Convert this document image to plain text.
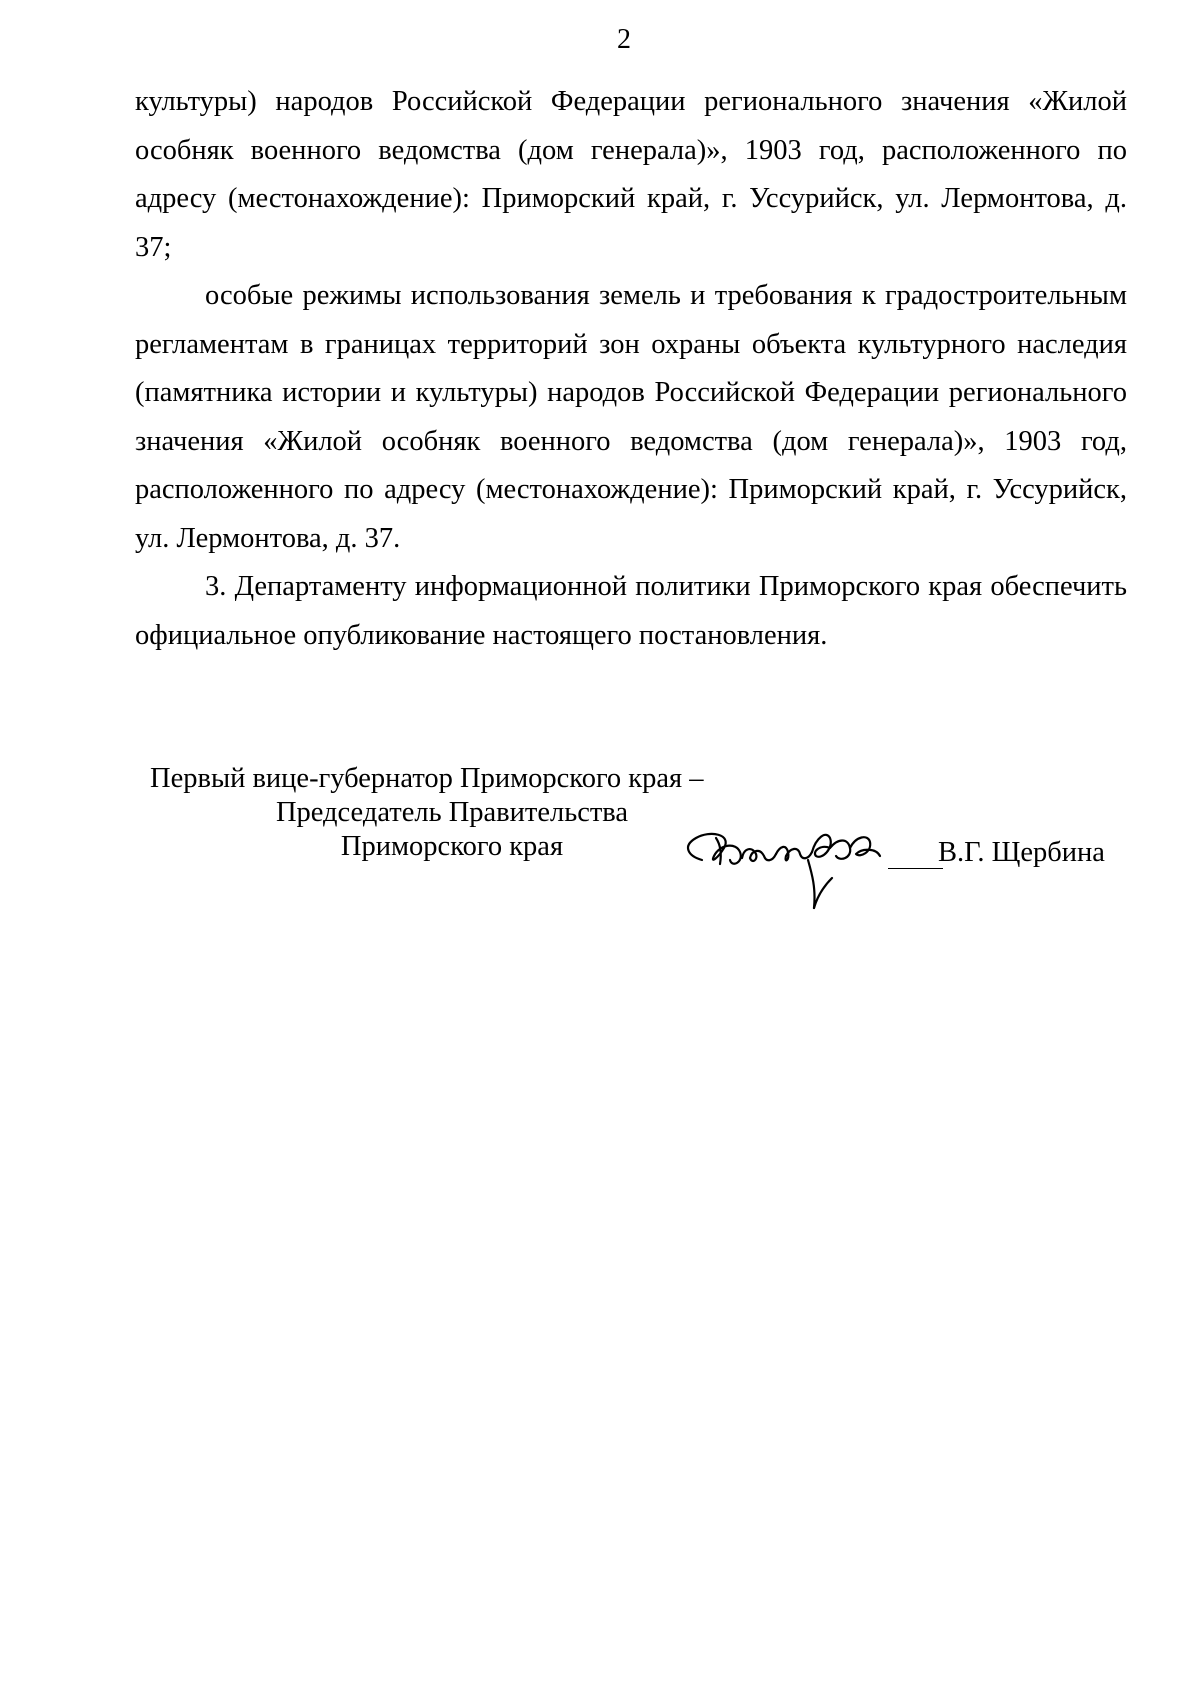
2

культуры) народов Российской Федерации регионального значения «Жилой особняк военного ведомства (дом генерала)», 1903 год, расположенного по адресу (местонахождение): Приморский край, г. Уссурийск, ул. Лермонтова, д. 37;

особые режимы использования земель и требования к градостроительным регламентам в границах территорий зон охраны объекта культурного наследия (памятника истории и культуры) народов Российской Федерации регионального значения «Жилой особняк военного ведомства (дом генерала)», 1903 год, расположенного по адресу (местонахождение): Приморский край, г. Уссурийск, ул. Лермонтова, д. 37.

3. Департаменту информационной политики Приморского края обеспечить официальное опубликование настоящего постановления.

Первый вице-губернатор Приморского края –
Председатель Правительства
Приморского края	В.Г. Щербина
